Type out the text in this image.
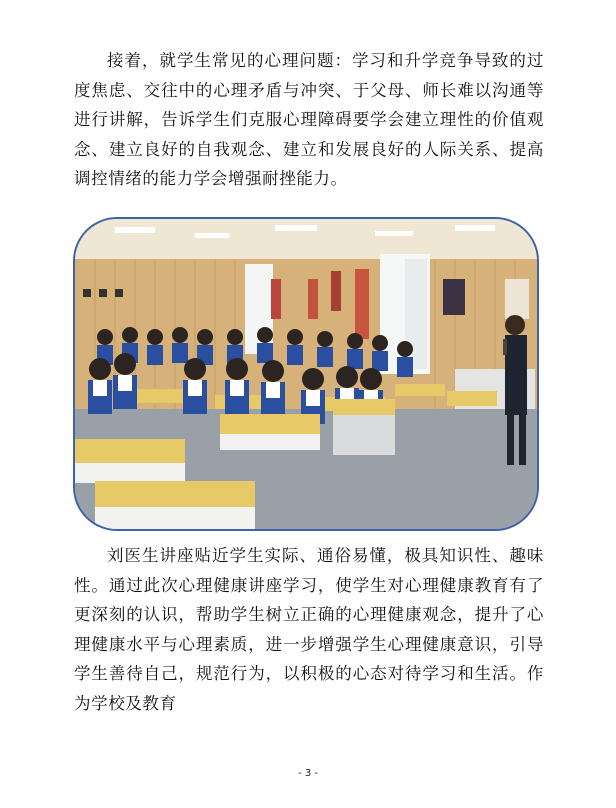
接着，就学生常见的心理问题：学习和升学竞争导致的过度焦虑、交往中的心理矛盾与冲突、于父母、师长难以沟通等进行讲解，告诉学生们克服心理障碍要学会建立理性的价值观念、建立良好的自我观念、建立和发展良好的人际关系、提高调控情绪的能力学会增强耐挫能力。

刘医生讲座贴近学生实际、通俗易懂，极具知识性、趣味性。通过此次心理健康讲座学习，使学生对心理健康教育有了更深刻的认识，帮助学生树立正确的心理健康观念，提升了心理健康水平与心理素质，进一步增强学生心理健康意识，引导学生善待自己，规范行为，以积极的心态对待学习和生活。作为学校及教育

- 3 -
